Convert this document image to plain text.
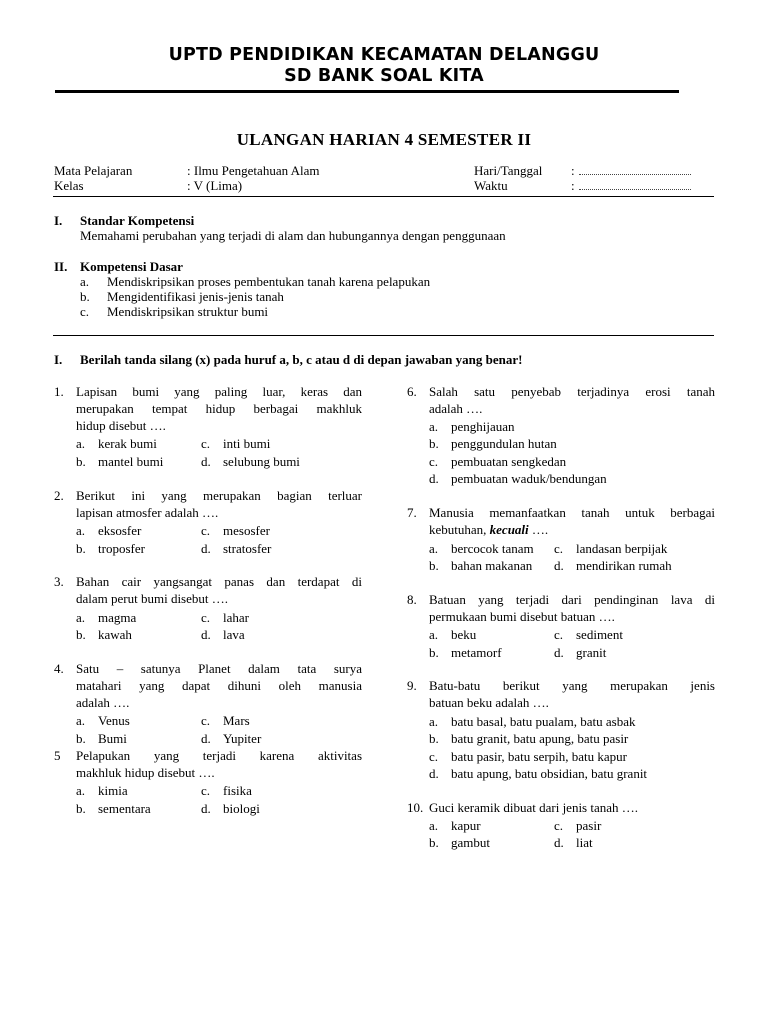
UPTD PENDIDIKAN KECAMATAN DELANGGU
SD BANK SOAL KITA
ULANGAN HARIAN 4 SEMESTER II
Mata Pelajaran	: Ilmu Pengetahuan Alam	Hari/Tanggal :
Kelas	: V (Lima)	Waktu	:
I. Standar Kompetensi
Memahami perubahan yang terjadi di alam dan hubungannya dengan penggunaan
II. Kompetensi Dasar
a. Mendiskripsikan proses pembentukan tanah karena pelapukan
b. Mengidentifikasi jenis-jenis tanah
c. Mendiskripsikan struktur bumi
I. Berilah tanda silang (x) pada huruf a, b, c atau d di depan jawaban yang benar!
1. Lapisan bumi yang paling luar, keras dan
merupakan tempat hidup berbagai makhluk
hidup disebut ….
a. kerak bumi	c. inti bumi
b. mantel bumi	d. selubung bumi
2. Berikut ini yang merupakan bagian terluar
lapisan atmosfer adalah ….
a. eksosfer	c. mesosfer
b. troposfer	d. stratosfer
3. Bahan cair yangsangat panas dan terdapat di
dalam perut bumi disebut ….
a. magma	c. lahar
b. kawah	d. lava
4. Satu – satunya Planet dalam tata surya
matahari yang dapat dihuni oleh manusia
adalah ….
a. Venus	c. Mars
b. Bumi	d. Yupiter
5 Pelapukan yang terjadi karena aktivitas
makhluk hidup disebut ….
a. kimia	c. fisika
b. sementara	d. biologi
6. Salah satu penyebab terjadinya erosi tanah
adalah ….
a. penghijauan
b. penggundulan hutan
c. pembuatan sengkedan
d. pembuatan waduk/bendungan
7. Manusia memanfaatkan tanah untuk berbagai
kebutuhan, kecuali ….
a. bercocok tanam c. landasan berpijak
b. bahan makanan d. mendirikan rumah
8. Batuan yang terjadi dari pendinginan lava di
permukaan bumi disebut batuan ….
a. beku	c. sediment
b. metamorf	d. granit
9. Batu-batu berikut yang merupakan jenis
batuan beku adalah ….
a. batu basal, batu pualam, batu asbak
b. batu granit, batu apung, batu pasir
c. batu pasir, batu serpih, batu kapur
d. batu apung, batu obsidian, batu granit
10. Guci keramik dibuat dari jenis tanah ….
a. kapur	c. pasir
b. gambut	d. liat
